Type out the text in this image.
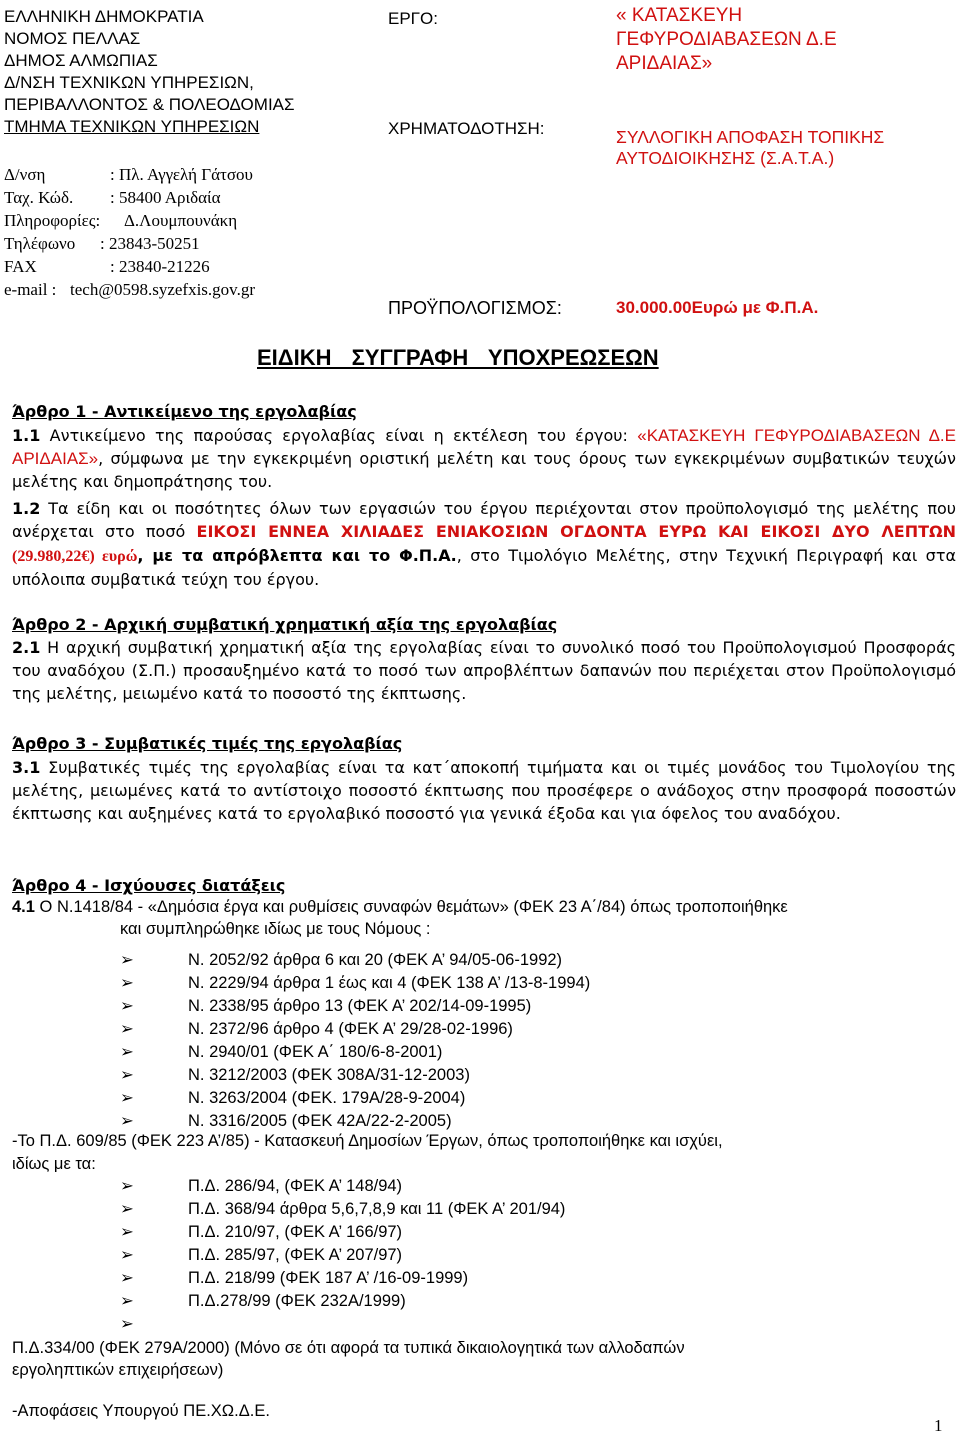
ΕΛΛΗΝΙΚΗ ΔΗΜΟΚΡΑΤΙΑ
ΝΟΜΟΣ ΠΕΛΛΑΣ
ΔΗΜΟΣ ΑΛΜΩΠΙΑΣ
Δ/ΝΣΗ ΤΕΧΝΙΚΩΝ ΥΠΗΡΕΣΙΩΝ,
ΠΕΡΙΒΑΛΛΟΝΤΟΣ & ΠΟΛΕΟΔΟΜΙΑΣ
ΤΜΗΜΑ ΤΕΧΝΙΚΩΝ ΥΠΗΡΕΣΙΩΝ
Δ/νση	: Πλ. Αγγελή Γάτσου
Ταχ. Κώδ. : 58400 Αριδαία
Πληροφορίες: Δ.Λουμπουνάκη
Τηλέφωνο : 23843-50251
FAX	: 23840-21226
e-mail : tech@0598.syzefxis.gov.gr
ΕΡΓΟ:	« ΚΑΤΑΣΚΕΥΗ
ΓΕΦΥΡΟΔΙΑΒΑΣΕΩΝ Δ.Ε
ΑΡΙΔΑΙΑΣ»
ΧΡΗΜΑΤΟΔΟΤΗΣΗ:	ΣΥΛΛΟΓΙΚΗ ΑΠΟΦΑΣΗ ΤΟΠΙΚΗΣ
ΑΥΤΟΔΙΟΙΚΗΣΗΣ (Σ.Α.Τ.Α.)
ΠΡΟΫΠΟΛΟΓΙΣΜΟΣ:	30.000.00Ευρώ με Φ.Π.Α.
ΕΙΔΙΚΗ ΣΥΓΓΡΑΦΗ ΥΠΟΧΡΕΩΣΕΩΝ
Άρθρο 1 - Αντικείμενο της εργολαβίας

1.1 Αντικείμενο της παρούσας εργολαβίας είναι η εκτέλεση του έργου: «ΚΑΤΑΣΚΕΥΗ ΓΕΦΥΡΟΔΙΑΒΑΣΕΩΝ Δ.Ε ΑΡΙΔΑΙΑΣ», σύμφωνα με την εγκεκριμένη οριστική μελέτη και τους όρους των εγκεκριμένων συμβατικών τευχών μελέτης και δημοπράτησης του.

1.2 Τα είδη και οι ποσότητες όλων των εργασιών του έργου περιέχονται στον προϋπολογισμό της μελέτης που ανέρχεται στο ποσό ΕΙΚΟΣΙ ΕΝΝΕΑ ΧΙΛΙΑΔΕΣ ΕΝΙΑΚΟΣΙΩΝ ΟΓΔΟΝΤΑ ΕΥΡΩ ΚΑΙ ΕΙΚΟΣΙ ΔΥΟ ΛΕΠΤΩΝ (29.980,22€) ευρώ, με τα απρόβλεπτα και το Φ.Π.Α., στο Τιμολόγιο Μελέτης, στην Τεχνική Περιγραφή και στα υπόλοιπα συμβατικά τεύχη του έργου.

Άρθρο 2 - Αρχική συμβατική χρηματική αξία της εργολαβίας

2.1 Η αρχική συμβατική χρηματική αξία της εργολαβίας είναι το συνολικό ποσό του Προϋπολογισμού Προσφοράς του αναδόχου (Σ.Π.) προσαυξημένο κατά το ποσό των απροβλέπτων δαπανών που περιέχεται στον Προϋπολογισμό της μελέτης, μειωμένο κατά το ποσοστό της έκπτωσης.

Άρθρο 3 - Συμβατικές τιμές της εργολαβίας

3.1 Συμβατικές τιμές της εργολαβίας είναι τα κατ΄αποκοπή τιμήματα και οι τιμές μονάδος του Τιμολογίου της μελέτης, μειωμένες κατά το αντίστοιχο ποσοστό έκπτωσης που προσέφερε ο ανάδοχος στην προσφορά ποσοστών έκπτωσης και αυξημένες κατά το εργολαβικό ποσοστό για γενικά έξοδα και για όφελος του αναδόχου.

Άρθρο 4 - Ισχύουσες διατάξεις
4.1 Ο Ν.1418/84 - «Δημόσια έργα και ρυθμίσεις συναφών θεμάτων» (ΦΕΚ 23 Α΄/84) όπως τροποποιήθηκε
και συμπληρώθηκε ιδίως με τους Νόμους :
➢	Ν. 2052/92 άρθρα 6 και 20 (ΦΕΚ Α’ 94/05-06-1992)
➢	Ν. 2229/94 άρθρα 1 έως και 4 (ΦΕΚ 138 Α’ /13-8-1994)
➢	Ν. 2338/95 άρθρο 13 (ΦΕΚ Α’ 202/14-09-1995)
➢	Ν. 2372/96 άρθρο 4 (ΦΕΚ Α’ 29/28-02-1996)
➢	Ν. 2940/01 (ΦΕΚ Α΄ 180/6-8-2001)
➢	Ν. 3212/2003 (ΦΕΚ 308Α/31-12-2003)
➢	Ν. 3263/2004 (ΦΕΚ. 179Α/28-9-2004)
➢	Ν. 3316/2005 (ΦΕΚ 42Α/22-2-2005)
-Το Π.Δ. 609/85 (ΦΕΚ 223 Α’/85) - Κατασκευή Δημοσίων Έργων, όπως τροποποιήθηκε και ισχύει,
ιδίως με τα:
➢	Π.Δ. 286/94, (ΦΕΚ Α’ 148/94)
➢	Π.Δ. 368/94 άρθρα 5,6,7,8,9 και 11 (ΦΕΚ Α’ 201/94)
➢	Π.Δ. 210/97, (ΦΕΚ Α’ 166/97)
➢	Π.Δ. 285/97, (ΦΕΚ Α’ 207/97)
➢	Π.Δ. 218/99 (ΦΕΚ 187 Α’ /16-09-1999)
➢	Π.Δ.278/99 (ΦΕΚ 232Α/1999)
➢
Π.Δ.334/00 (ΦΕΚ 279Α/2000) (Μόνο σε ότι αφορά τα τυπικά δικαιολογητικά των αλλοδαπών
εργοληπτικών επιχειρήσεων)
-Αποφάσεις Υπουργού ΠΕ.ΧΩ.Δ.Ε.
1
